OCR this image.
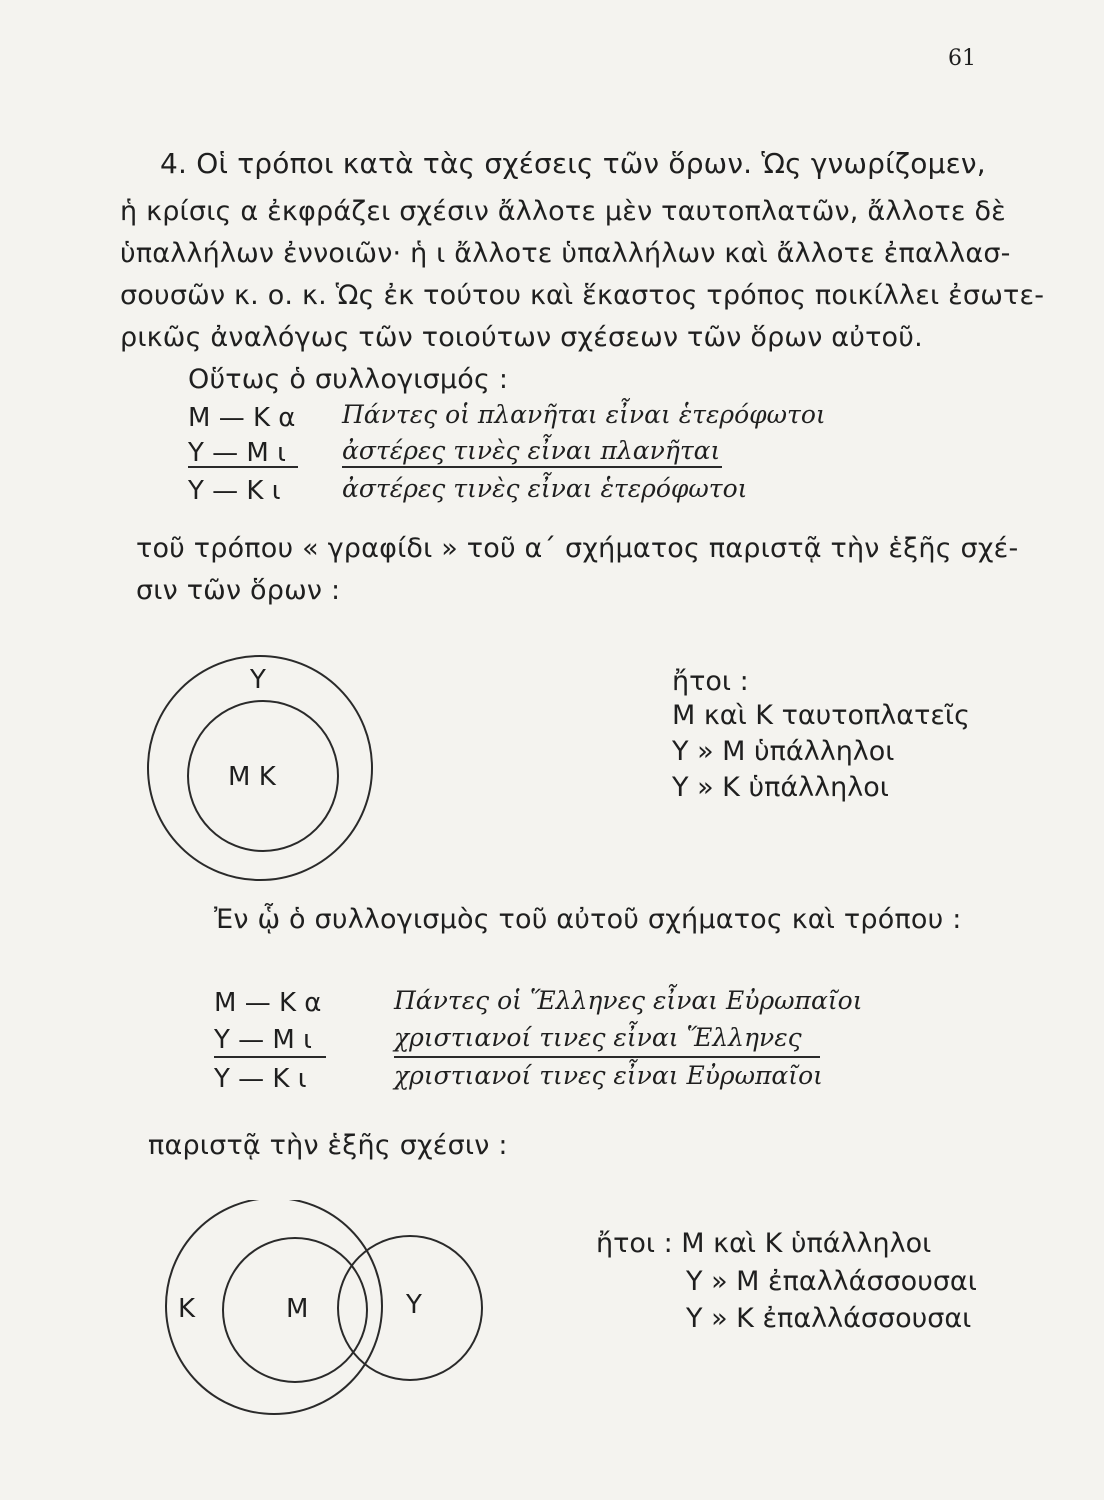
61
4. Οἱ τρόποι κατὰ τὰς σχέσεις τῶν ὅρων. Ὡς γνωρίζομεν,
ἡ κρίσις α ἐκφράζει σχέσιν ἄλλοτε μὲν ταυτοπλατῶν, ἄλλοτε δὲ
ὑπαλλήλων ἐννοιῶν· ἡ ι ἄλλοτε ὑπαλλήλων καὶ ἄλλοτε ἐπαλλασ-
σουσῶν κ. ο. κ. Ὡς ἐκ τούτου καὶ ἕκαστος τρόπος ποικίλλει ἐσωτε-
ρικῶς ἀναλόγως τῶν τοιούτων σχέσεων τῶν ὅρων αὐτοῦ.
Οὕτως ὁ συλλογισμός :
M — K α Πάντες οἱ πλανῆται εἶναι ἑτερόφωτοι
Y — M ι ἀστέρες τινὲς εἶναι πλανῆται
Y — K ι ἀστέρες τινὲς εἶναι ἑτερόφωτοι
τοῦ τρόπου « γραφίδι » τοῦ α΄ σχήματος παριστᾷ τὴν ἑξῆς σχέ-
σιν τῶν ὅρων :
Y
M K
ἤτοι :
M καὶ K ταυτοπλατεῖς
Y » M ὑπάλληλοι
Y » K ὑπάλληλοι
Ἐν ᾧ ὁ συλλογισμὸς τοῦ αὐτοῦ σχήματος καὶ τρόπου :
M — K α	Πάντες οἱ Ἕλληνες εἶναι Εὐρωπαῖοι
Y — M ι	χριστιανοί τινες εἶναι Ἕλληνες
Y — K ι	χριστιανοί τινες εἶναι Εὐρωπαῖοι
παριστᾷ τὴν ἑξῆς σχέσιν :
K	M	Y
ἤτοι : M καὶ K ὑπάλληλοι
Y » M ἐπαλλάσσουσαι
Y » K ἐπαλλάσσουσαι
